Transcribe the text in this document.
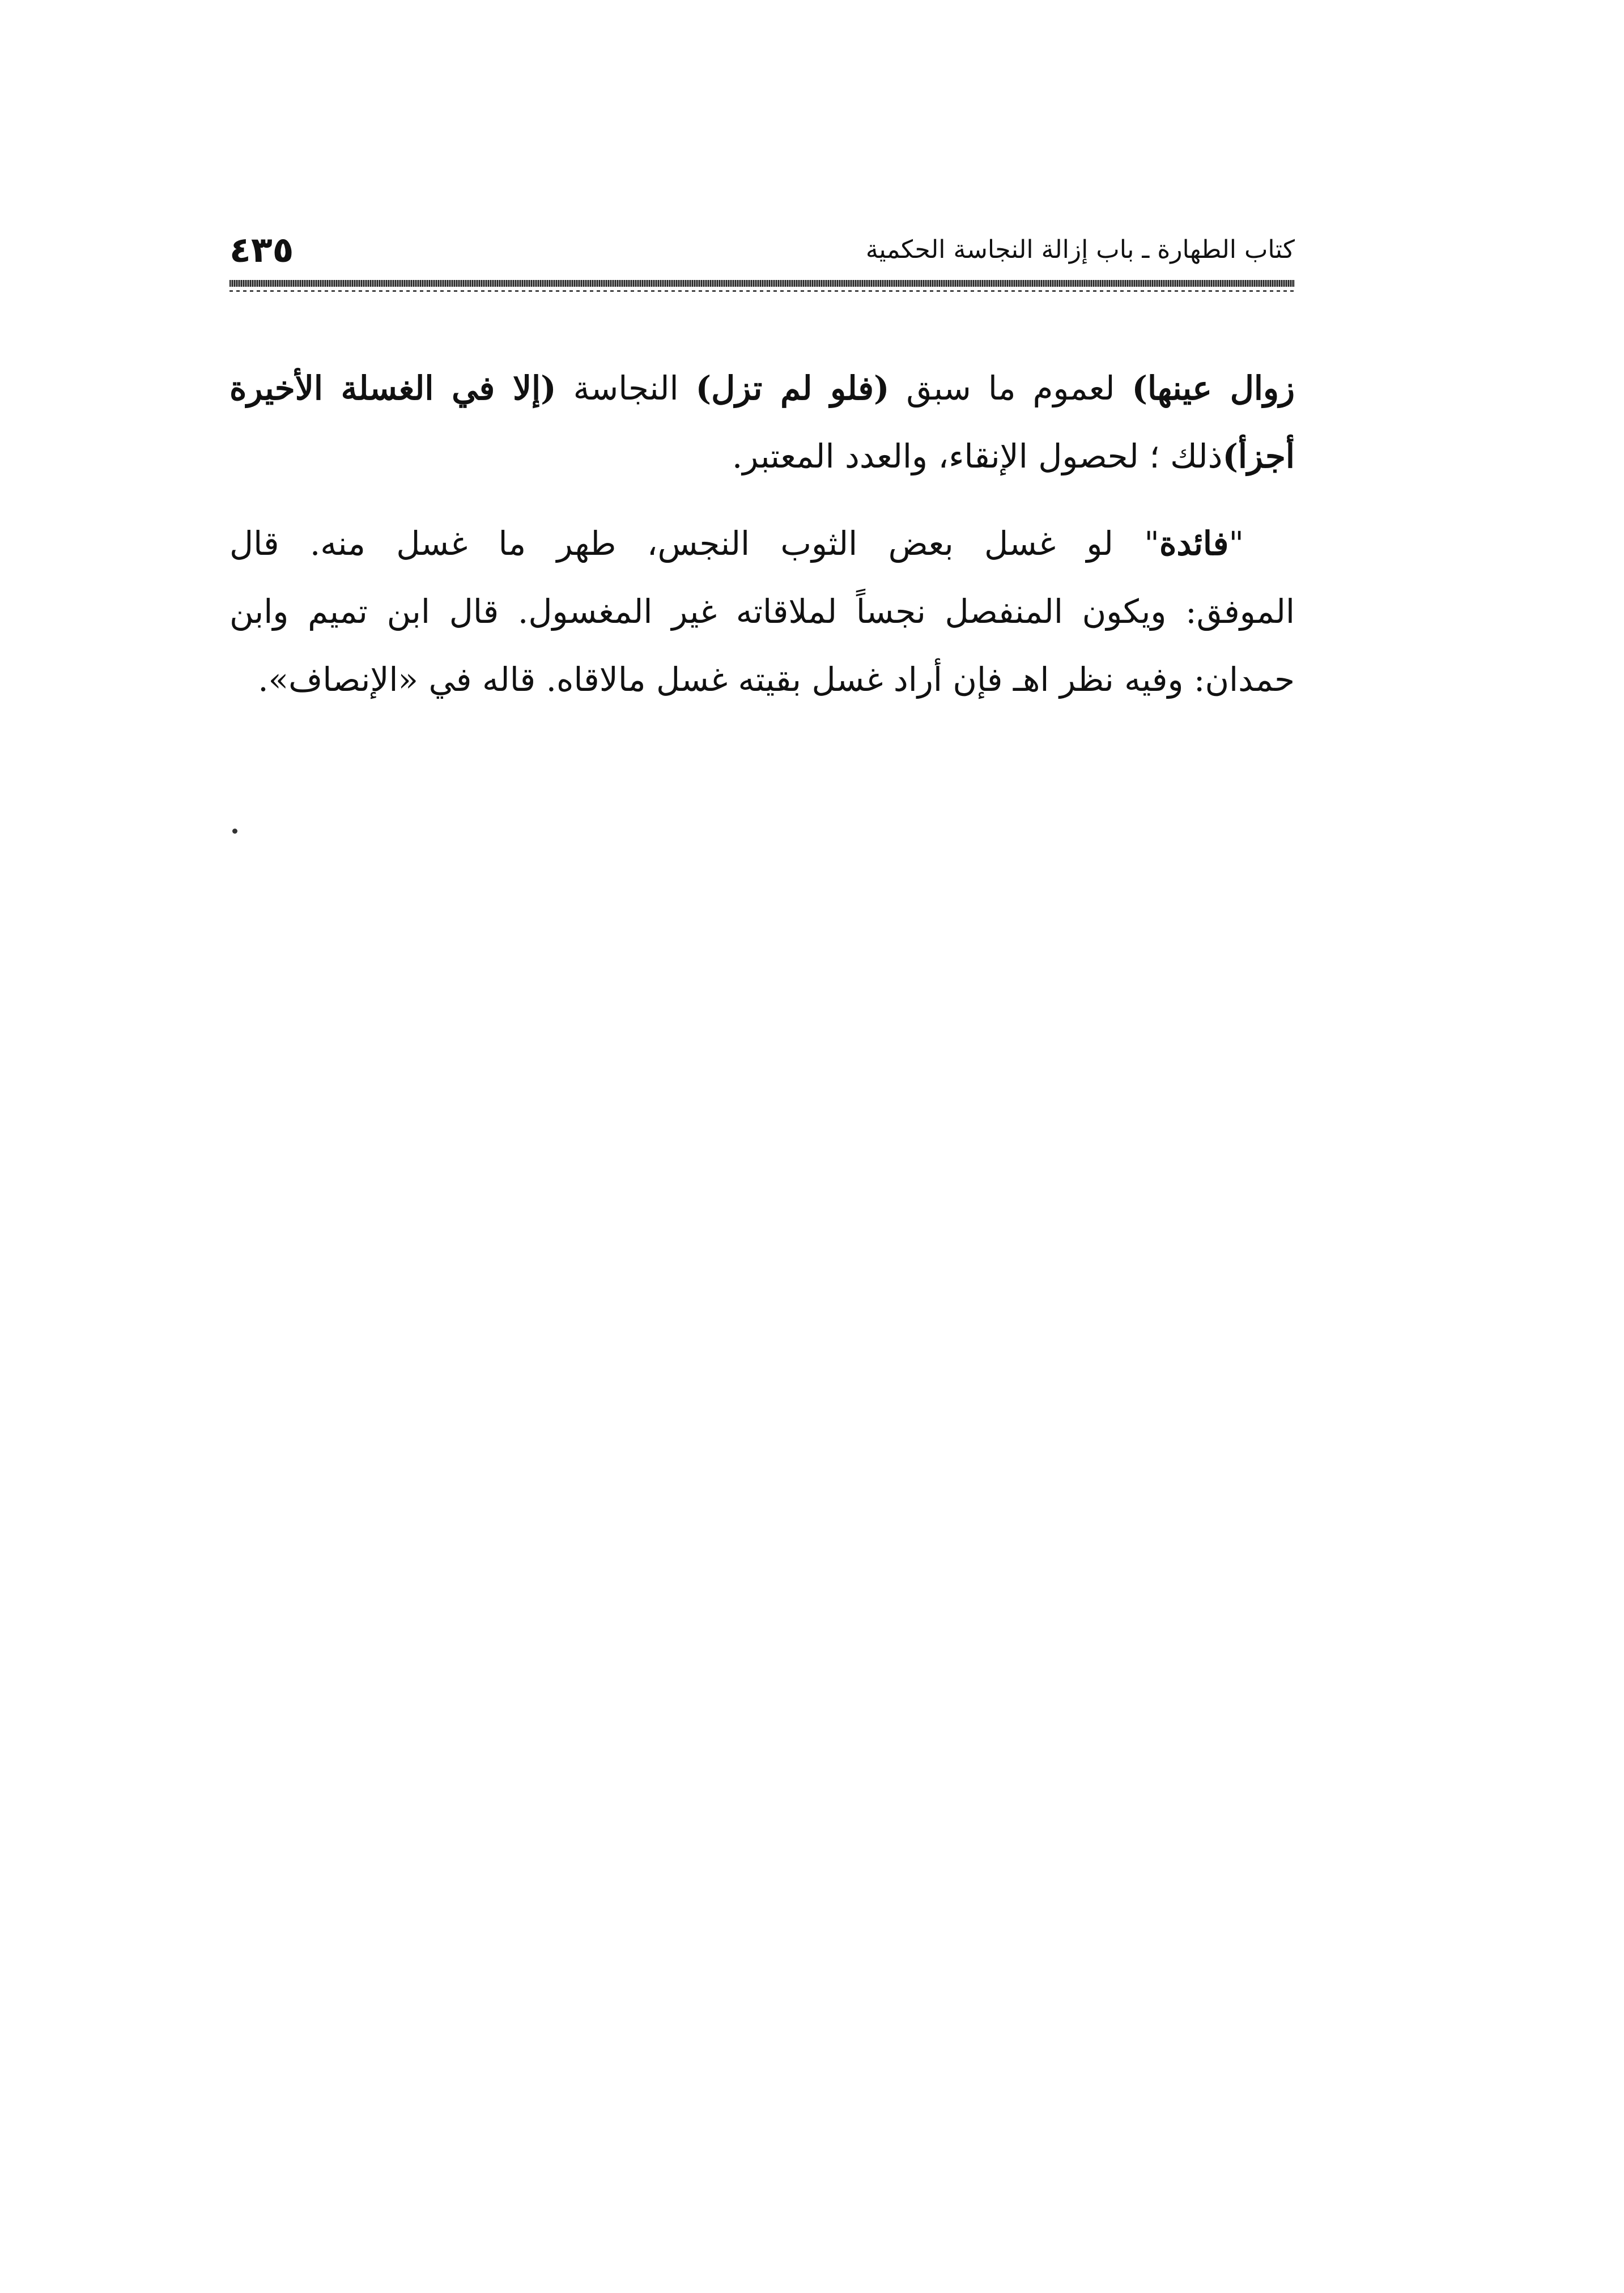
٤٣٥	كتاب الطهارة ـ باب إزالة النجاسة الحكمية
زوال عينها) لعموم ما سبق (فلو لم تزل) النجاسة (إلا في الغسلة الأخيرة
أجزأ)ذلك ؛ لحصول الإنقاء، والعدد المعتبر.
"فائدة" لو غسل بعض الثوب النجس، طهر ما غسل منه. قال
الموفق: ويكون المنفصل نجساً لملاقاته غير المغسول. قال ابن تميم وابن
حمدان: وفيه نظر اهـ فإن أراد غسل بقيته غسل مالاقاه. قاله في «الإنصاف».
